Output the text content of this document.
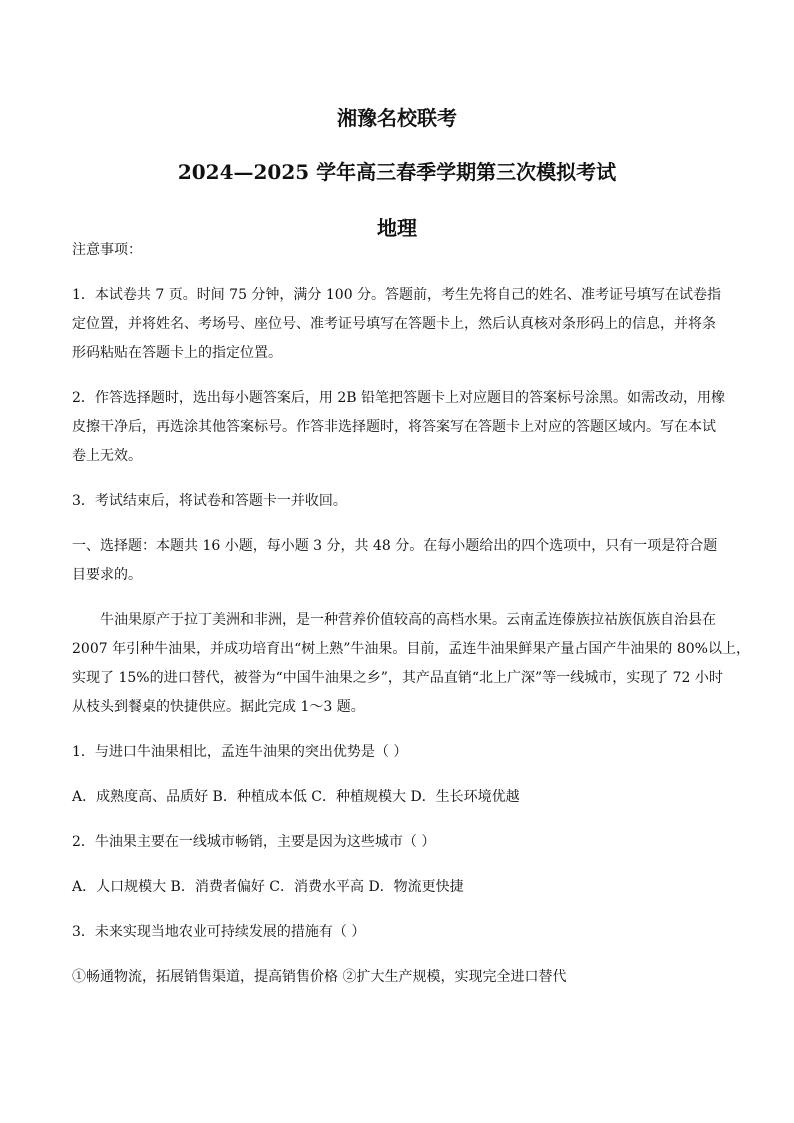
湘豫名校联考
2024—2025 学年高三春季学期第三次模拟考试
地理
注意事项：
1．本试卷共 7 页。时间 75 分钟，满分 100 分。答题前，考生先将自己的姓名、准考证号填写在试卷指
定位置，并将姓名、考场号、座位号、准考证号填写在答题卡上，然后认真核对条形码上的信息，并将条
形码粘贴在答题卡上的指定位置。
2．作答选择题时，选出每小题答案后，用 2B 铅笔把答题卡上对应题目的答案标号涂黑。如需改动，用橡
皮擦干净后，再选涂其他答案标号。作答非选择题时，将答案写在答题卡上对应的答题区域内。写在本试
卷上无效。
3．考试结束后，将试卷和答题卡一并收回。
一、选择题：本题共 16 小题，每小题 3 分，共 48 分。在每小题给出的四个选项中，只有一项是符合题
目要求的。
牛油果原产于拉丁美洲和非洲，是一种营养价值较高的高档水果。云南孟连傣族拉祜族佤族自治县在
2007 年引种牛油果，并成功培育出“树上熟”牛油果。目前，孟连牛油果鲜果产量占国产牛油果的 80%以上，
实现了 15%的进口替代，被誉为“中国牛油果之乡”，其产品直销“北上广深”等一线城市，实现了 72 小时
从枝头到餐桌的快捷供应。据此完成 1～3 题。
1．与进口牛油果相比，孟连牛油果的突出优势是（ ）
A．成熟度高、品质好 B．种植成本低 C．种植规模大 D．生长环境优越
2．牛油果主要在一线城市畅销，主要是因为这些城市（ ）
A．人口规模大 B．消费者偏好 C．消费水平高 D．物流更快捷
3．未来实现当地农业可持续发展的措施有（ ）
①畅通物流，拓展销售渠道，提高销售价格 ②扩大生产规模，实现完全进口替代
